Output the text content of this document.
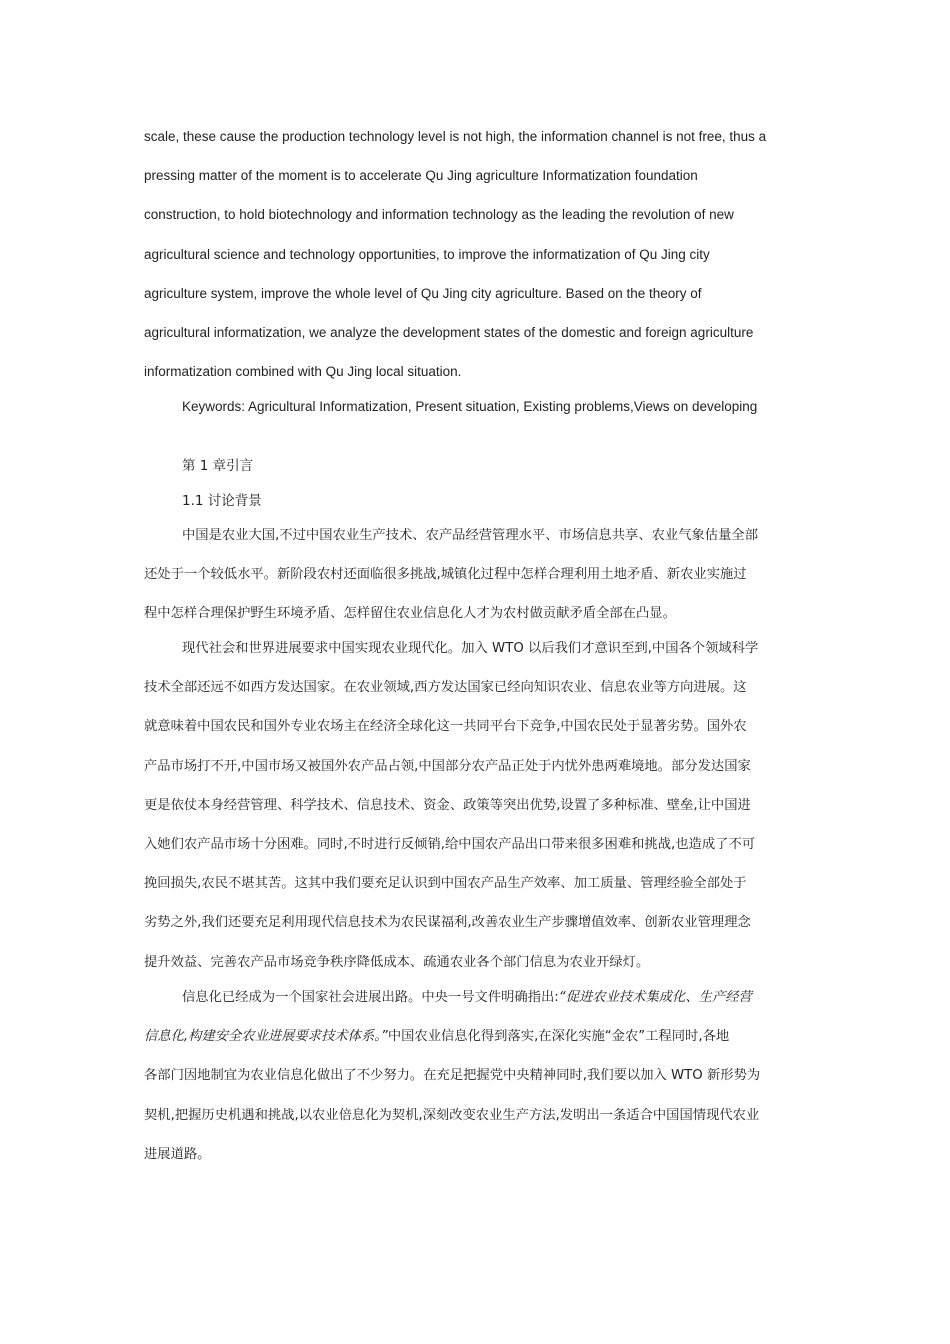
scale, these cause the production technology level is not high, the information channel is not free, thus a
pressing matter of the moment is to accelerate Qu Jing agriculture Informatization foundation
construction, to hold biotechnology and information technology as the leading the revolution of new
agricultural science and technology opportunities, to improve the informatization of Qu Jing city
agriculture system, improve the whole level of Qu Jing city agriculture. Based on the theory of
agricultural informatization, we analyze the development states of the domestic and foreign agriculture
informatization combined with Qu Jing local situation.
Keywords: Agricultural Informatization, Present situation, Existing problems,Views on developing
第 1 章引言
1.1 讨论背景
中国是农业大国,不过中国农业生产技术、农产品经营管理水平、市场信息共享、农业气象估量全部
还处于一个较低水平。新阶段农村还面临很多挑战,城镇化过程中怎样合理利用土地矛盾、新农业实施过
程中怎样合理保护野生环境矛盾、怎样留住农业信息化人才为农村做贡献矛盾全部在凸显。
现代社会和世界进展要求中国实现农业现代化。加入 WTO 以后我们才意识至到,中国各个领域科学
技术全部还远不如西方发达国家。在农业领域,西方发达国家已经向知识农业、信息农业等方向进展。这
就意味着中国农民和国外专业农场主在经济全球化这一共同平台下竞争,中国农民处于显著劣势。国外农
产品市场打不开,中国市场又被国外农产品占领,中国部分农产品正处于内忧外患两难境地。部分发达国家
更是依仗本身经营管理、科学技术、信息技术、资金、政策等突出优势,设置了多种标准、壁垒,让中国进
入她们农产品市场十分困难。同时,不时进行反倾销,给中国农产品出口带来很多困难和挑战,也造成了不可
挽回损失,农民不堪其苦。这其中我们要充足认识到中国农产品生产效率、加工质量、管理经验全部处于
劣势之外,我们还要充足利用现代信息技术为农民谋福利,改善农业生产步骤增值效率、创新农业管理理念
提升效益、完善农产品市场竞争秩序降低成本、疏通农业各个部门信息为农业开绿灯。
信息化已经成为一个国家社会进展出路。中央一号文件明确指出:“促进农业技术集成化、生产经营
信息化,构建安全农业进展要求技术体系。”中国农业信息化得到落实,在深化实施“金农”工程同时,各地
各部门因地制宜为农业信息化做出了不少努力。在充足把握党中央精神同时,我们要以加入 WTO 新形势为
契机,把握历史机遇和挑战,以农业倍息化为契机,深刻改变农业生产方法,发明出一条适合中国国情现代农业
进展道路。
